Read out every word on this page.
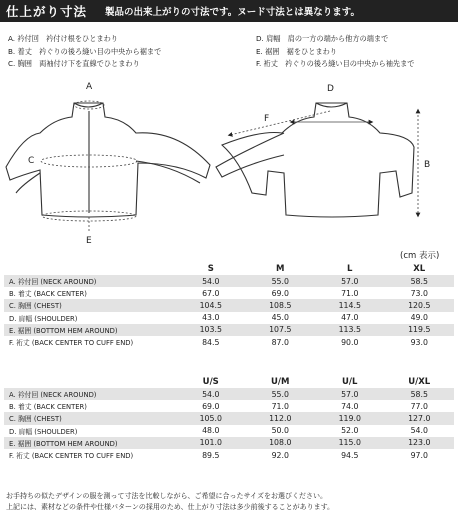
仕上がり寸法 製品の出来上がりの寸法です。ヌード寸法とは異なります。
A. 衿付回　衿付け根をひとまわり
B. 着丈　衿ぐりの後ろ縫い目の中央から裾まで
C. 胸囲　両袖付け下を直線でひとまわり
D. 肩幅　肩の一方の端から他方の端まで
E. 裾囲　裾をひとまわり
F. 裄丈　衿ぐりの後ろ縫い目の中央から袖先まで
A
C
E
D
F
B
(cm 表示)
	S	M	L	XL
A. 衿付回 (NECK AROUND)	54.0	55.0	57.0	58.5
B. 着丈 (BACK CENTER)	67.0	69.0	71.0	73.0
C. 胸囲 (CHEST)	104.5	108.5	114.5	120.5
D. 肩幅 (SHOULDER)	43.0	45.0	47.0	49.0
E. 裾囲 (BOTTOM HEM AROUND)	103.5	107.5	113.5	119.5
F. 裄丈 (BACK CENTER TO CUFF END)	84.5	87.0	90.0	93.0
	U/S	U/M	U/L	U/XL
A. 衿付回 (NECK AROUND)	54.0	55.0	57.0	58.5
B. 着丈 (BACK CENTER)	69.0	71.0	74.0	77.0
C. 胸囲 (CHEST)	105.0	112.0	119.0	127.0
D. 肩幅 (SHOULDER)	48.0	50.0	52.0	54.0
E. 裾囲 (BOTTOM HEM AROUND)	101.0	108.0	115.0	123.0
F. 裄丈 (BACK CENTER TO CUFF END)	89.5	92.0	94.5	97.0
お手持ちの似たデザインの服を測って寸法を比較しながら、ご希望に合ったサイズをお選びください。
上記には、素材などの条件や仕様パターンの採用のため、仕上がり寸法は多少前後することがあります。
